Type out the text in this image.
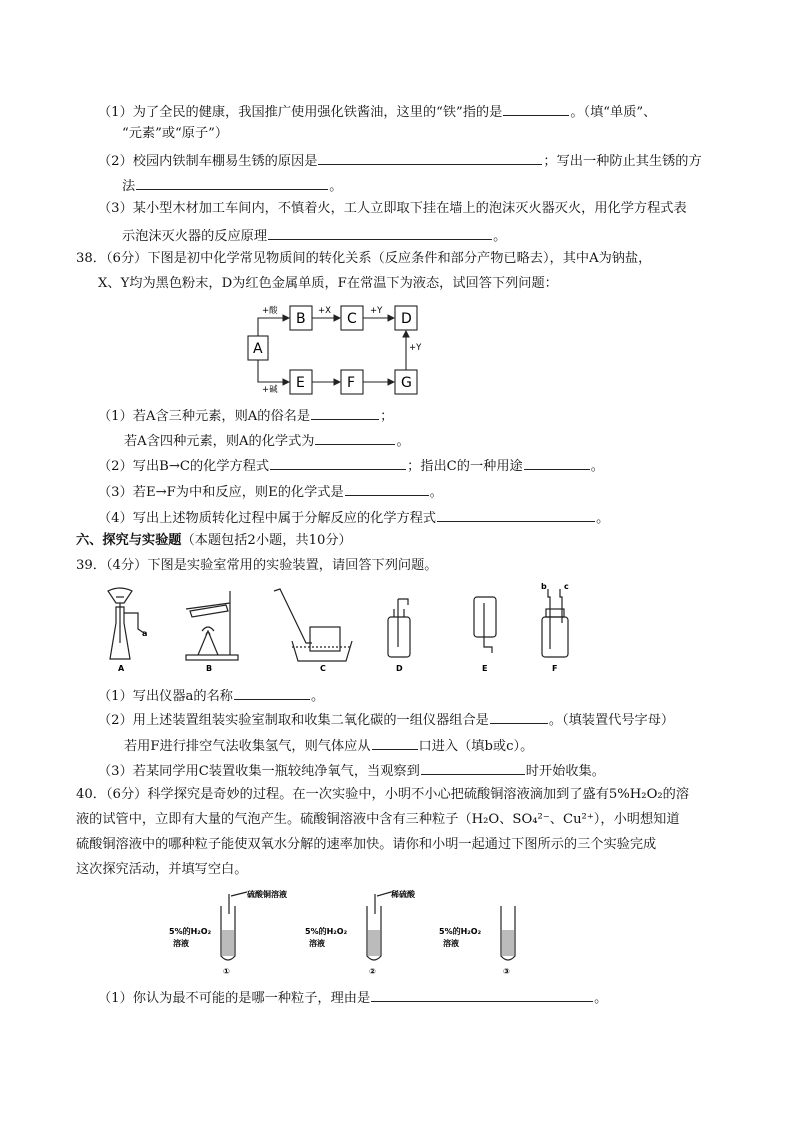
（1）为了全民的健康，我国推广使用强化铁酱油，这里的“铁”指的是	。（填“单质”、
“元素”或“原子”）
（2）校园内铁制车棚易生锈的原因是	；写出一种防止其生锈的方
法	。
（3）某小型木材加工车间内，不慎着火，工人立即取下挂在墙上的泡沫灭火器灭火，用化学方程式表
示泡沫灭火器的反应原理	。
38．（6分）下图是初中化学常见物质间的转化关系（反应条件和部分产物已略去），其中A为钠盐，
X、Y均为黑色粉末，D为红色金属单质，F在常温下为液态，试回答下列问题：
A
B	C	D
E	F	G
+酸
+碱
+X	+Y
+Y
（1）若A含三种元素，则A的俗名是	；
若A含四种元素，则A的化学式为	。
（2）写出B→C的化学方程式	；指出C的一种用途	。
（3）若E→F为中和反应，则E的化学式是	。
（4）写出上述物质转化过程中属于分解反应的化学方程式	。
六、探究与实验题（本题包括2小题，共10分）
39．（4分）下图是实验室常用的实验装置，请回答下列问题。
a
A	B	C	D	E
b c
F
（1）写出仪器a的名称	。
（2）用上述装置组装实验室制取和收集二氧化碳的一组仪器组合是	。（填装置代号字母）
若用F进行排空气法收集氢气，则气体应从	口进入（填b或c）。
（3）若某同学用C装置收集一瓶较纯净氧气，当观察到	时开始收集。
40．（6分）科学探究是奇妙的过程。在一次实验中，小明不小心把硫酸铜溶液滴加到了盛有5%H₂O₂的溶
液的试管中，立即有大量的气泡产生。硫酸铜溶液中含有三种粒子（H₂O、SO₄²⁻、Cu²⁺），小明想知道
硫酸铜溶液中的哪种粒子能使双氧水分解的速率加快。请你和小明一起通过下图所示的三个实验完成
这次探究活动，并填写空白。
硫酸铜溶液
5%的H₂O₂
溶液
①
稀硫酸
5%的H₂O₂
溶液
②
5%的H₂O₂
溶液
③
（1）你认为最不可能的是哪一种粒子，理由是	。
